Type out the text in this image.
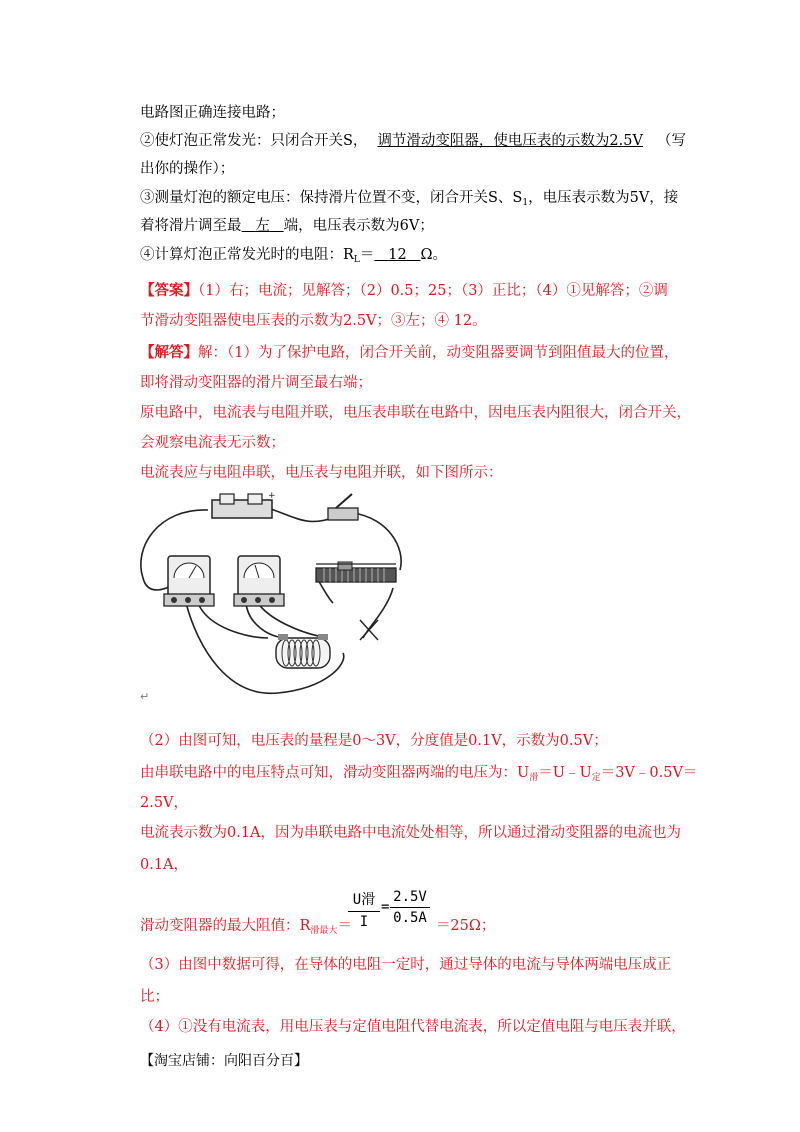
电路图正确连接电路；
②使灯泡正常发光：只闭合开关S， 调节滑动变阻器，使电压表的示数为2.5V （写
出你的操作）；
③测量灯泡的额定电压：保持滑片位置不变，闭合开关S、$S_1$，电压表示数为5V，接
着将滑片调至最 左 端，电压表示数为6V；
④计算灯泡正常发光时的电阻：$R_L= 12$ Ω。
【答案】（1）右；电流；见解答；（2）0.5；25；（3）正比；（4）①见解答；②调
节滑动变阻器使电压表的示数为2.5V；③左；④ 12。
【解答】解：（1）为了保护电路，闭合开关前，动变阻器要调节到阻值最大的位置，
即将滑动变阻器的滑片调至最右端；
原电路中，电流表与电阻并联，电压表串联在电路中，因电压表内阻很大，闭合开关，
会观察电流表无示数；
电流表应与电阻串联，电压表与电阻并联，如下图所示：
+
↵
（2）由图可知，电压表的量程是0～3V，分度值是0.1V，示数为0.5V；
由串联电路中的电压特点可知，滑动变阻器两端的电压为：$U_滑=U﹣U_定=3V﹣0.5V=$
2.5V，
电流表示数为0.1A，因为串联电路中电流处处相等，所以通过滑动变阻器的电流也为
0.1A，
U滑
I
= $\frac{2.5V}{0.5A}$
滑动变阻器的最大阻值：$R_{滑最大}=$	＝25Ω；
（3）由图中数据可得，在导体的电阻一定时，通过导体的电流与导体两端电压成正
比；
（4）①没有电流表，用电压表与定值电阻代替电流表，所以定值电阻与电压表并联，
【淘宝店铺：向阳百分百】
